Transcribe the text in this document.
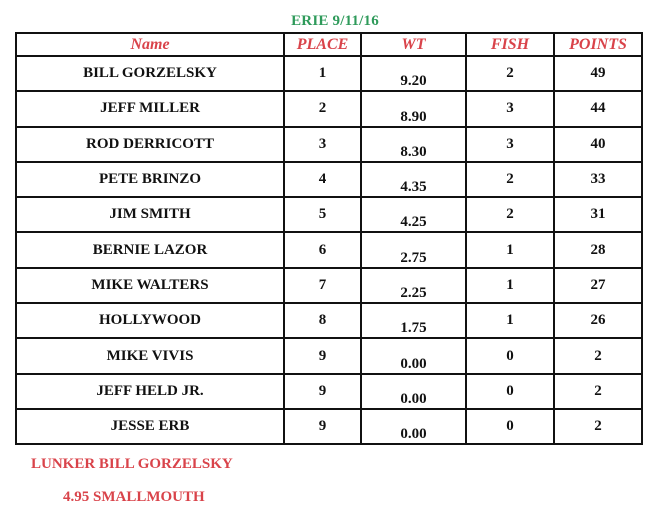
ERIE 9/11/16
Name	PLACE	WT	FISH	POINTS
BILL GORZELSKY	1	9.20	2	49
JEFF MILLER	2	8.90	3	44
ROD DERRICOTT	3	8.30	3	40
PETE BRINZO	4	4.35	2	33
JIM SMITH	5	4.25	2	31
BERNIE LAZOR	6	2.75	1	28
MIKE WALTERS	7	2.25	1	27
HOLLYWOOD	8	1.75	1	26
MIKE VIVIS	9	0.00	0	2
JEFF HELD JR.	9	0.00	0	2
JESSE ERB	9	0.00	0	2
LUNKER BILL GORZELSKY
4.95 SMALLMOUTH
